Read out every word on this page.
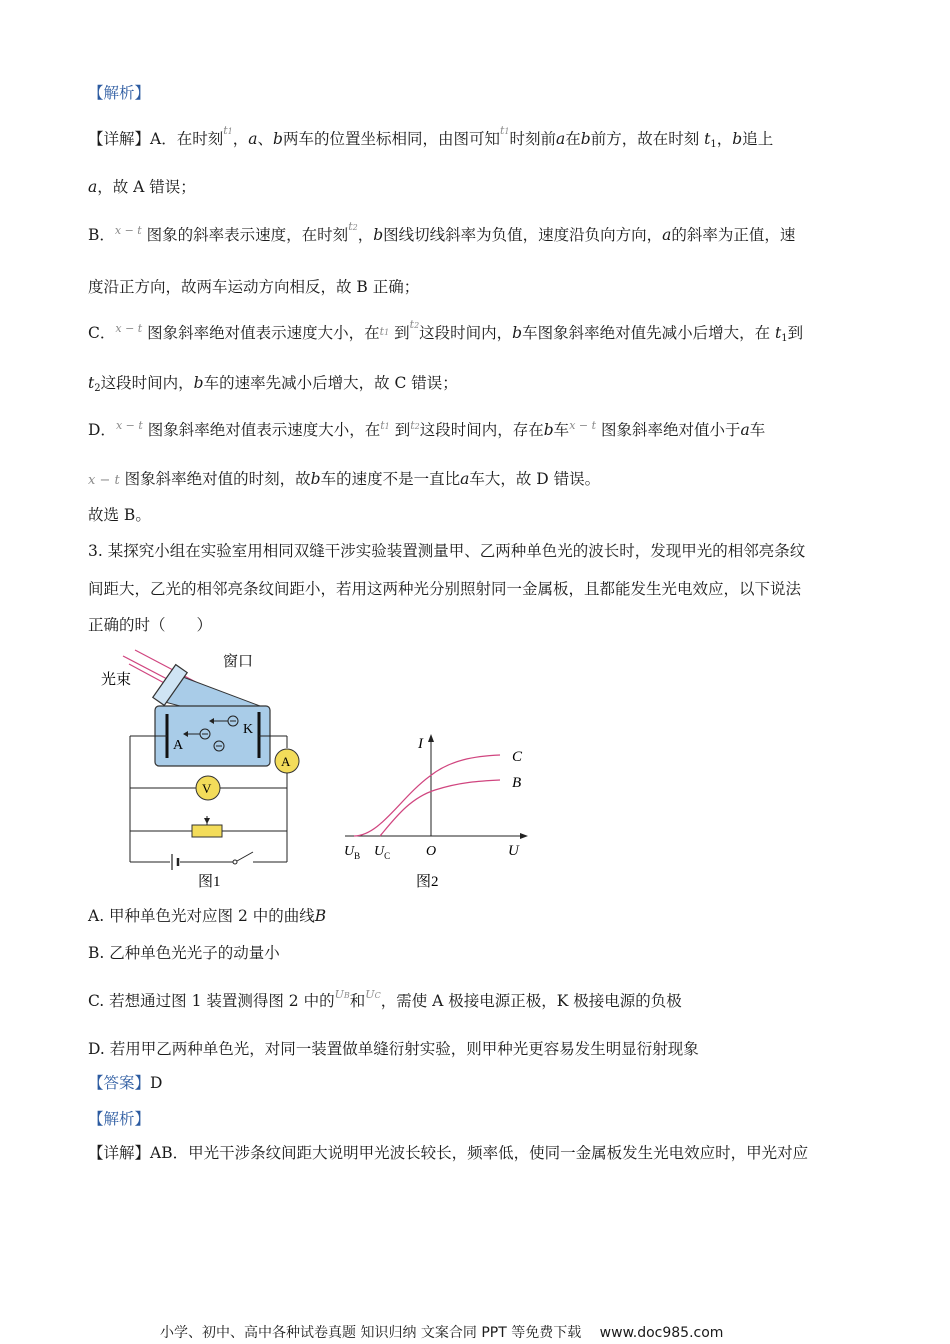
【解析】
【详解】A．在时刻$^{t1}$，a、b两车的位置坐标相同，由图可知$^{t1}$时刻前a在b前方，故在时刻 t1，b追上
a，故 A 错误；
B．$^{x - t}$ 图象的斜率表示速度，在时刻$^{t2}$，b图线切线斜率为负值，速度沿负向方向，a的斜率为正值，速
度沿正方向，故两车运动方向相反，故 B 正确；
C．$^{x - t}$ 图象斜率绝对值表示速度大小，在t1 到$^{t2}$这段时间内，b车图象斜率绝对值先减小后增大，在 t1到
t2这段时间内，b车的速率先减小后增大，故 C 错误；
D．$^{x - t}$ 图象斜率绝对值表示速度大小，在$^{t1}$ 到$^{t2}$这段时间内，存在b车$^{x - t}$ 图象斜率绝对值小于a车
x − t 图象斜率绝对值的时刻，故b车的速度不是一直比a车大，故 D 错误。
故选 B。
3. 某探究小组在实验室用相同双缝干涉实验装置测量甲、乙两种单色光的波长时，发现甲光的相邻亮条纹
间距大，乙光的相邻亮条纹间距小，若用这两种光分别照射同一金属板，且都能发生光电效应，以下说法
正确的时（　　）
A
K
A
V
光束
窗口
图1
I
C
B
$U_B$ $U_C$	O	U
图2
A. 甲种单色光对应图 2 中的曲线B
B. 乙种单色光光子的动量小
C. 若想通过图 1 装置测得图 2 中的$^{UB}$和$^{UC}$，需使 A 极接电源正极，K 极接电源的负极
D. 若用甲乙两种单色光，对同一装置做单缝衍射实验，则甲种光更容易发生明显衍射现象
【答案】D
【解析】
【详解】AB．甲光干涉条纹间距大说明甲光波长较长，频率低，使同一金属板发生光电效应时，甲光对应
小学、初中、高中各种试卷真题 知识归纳 文案合同 PPT 等免费下载　 www.doc985.com
